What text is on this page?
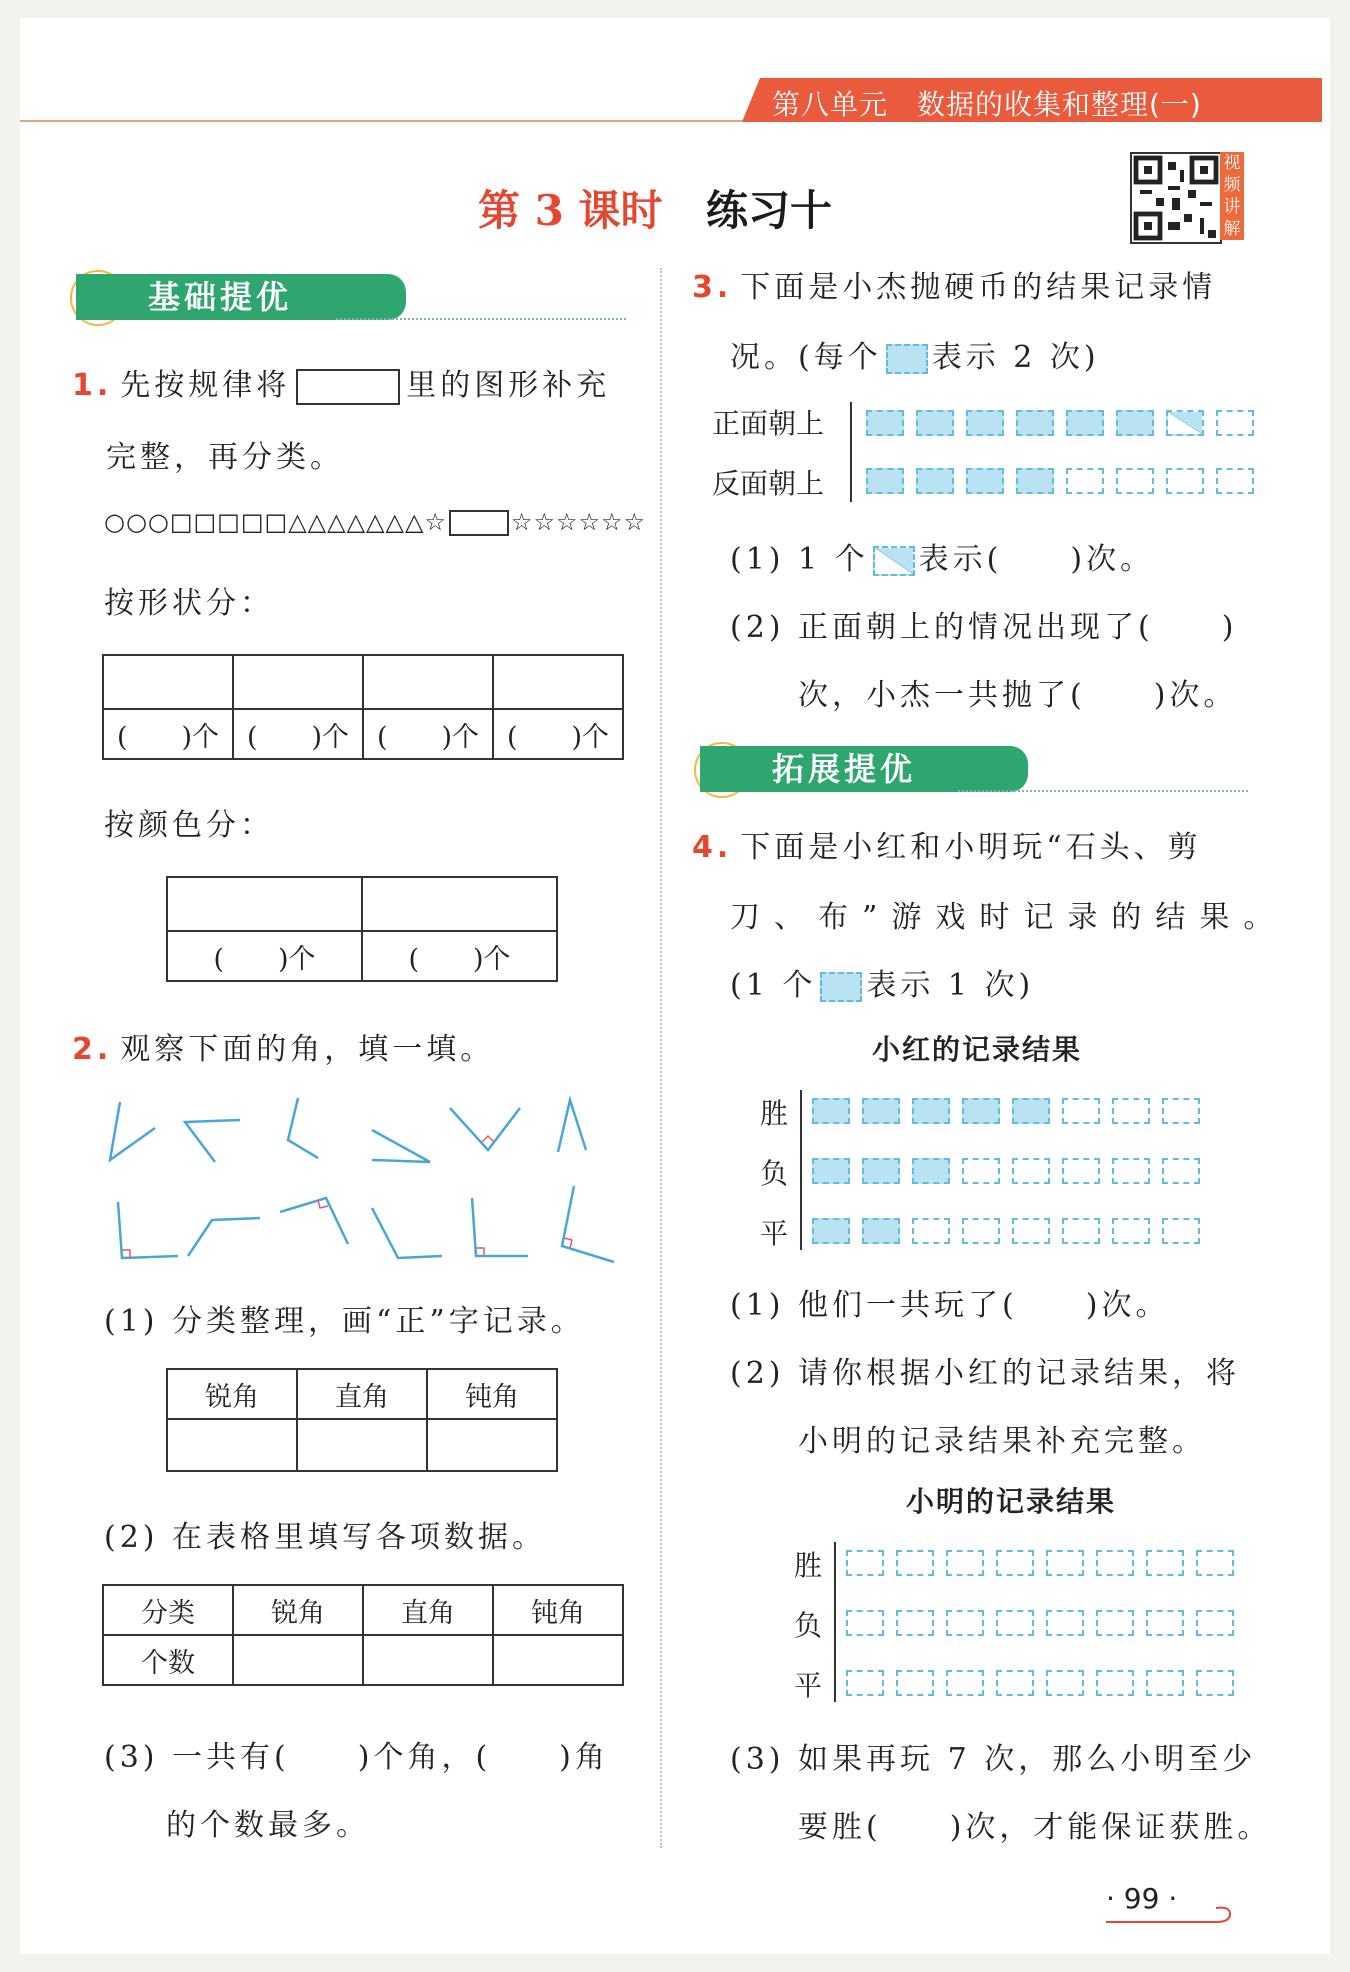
第八单元　数据的收集和整理(一)
第 3 课时 练习十
视频讲解
基础提优
1. 先按规律将	里的图形补充
完整，再分类。
○○○□□□□□△△△△△△△☆	☆☆☆☆☆☆
按形状分：

(　　)个	(　　)个	(　　)个	(　　)个
按颜色分：

(　　)个	(　　)个
2. 观察下面的角，填一填。
(1) 分类整理，画“正”字记录。
锐角	直角	钝角

(2) 在表格里填写各项数据。
分类	锐角	直角	钝角
个数			
(3) 一共有(　　)个角，(　　)角
的个数最多。
3. 下面是小杰抛硬币的结果记录情
况。(每个 表示 2 次)
正面朝上
反面朝上
(1) 1 个 表示(　　)次。
(2) 正面朝上的情况出现了(　　)
次，小杰一共抛了(　　)次。
拓展提优
4. 下面是小红和小明玩“石头、剪
刀、布”游戏时记录的结果。
(1 个 表示 1 次)
小红的记录结果
胜
负
平
(1) 他们一共玩了(　　)次。
(2) 请你根据小红的记录结果，将
小明的记录结果补充完整。
小明的记录结果
胜
负
平
(3) 如果再玩 7 次，那么小明至少
要胜(　　)次，才能保证获胜。
· 99 ·
